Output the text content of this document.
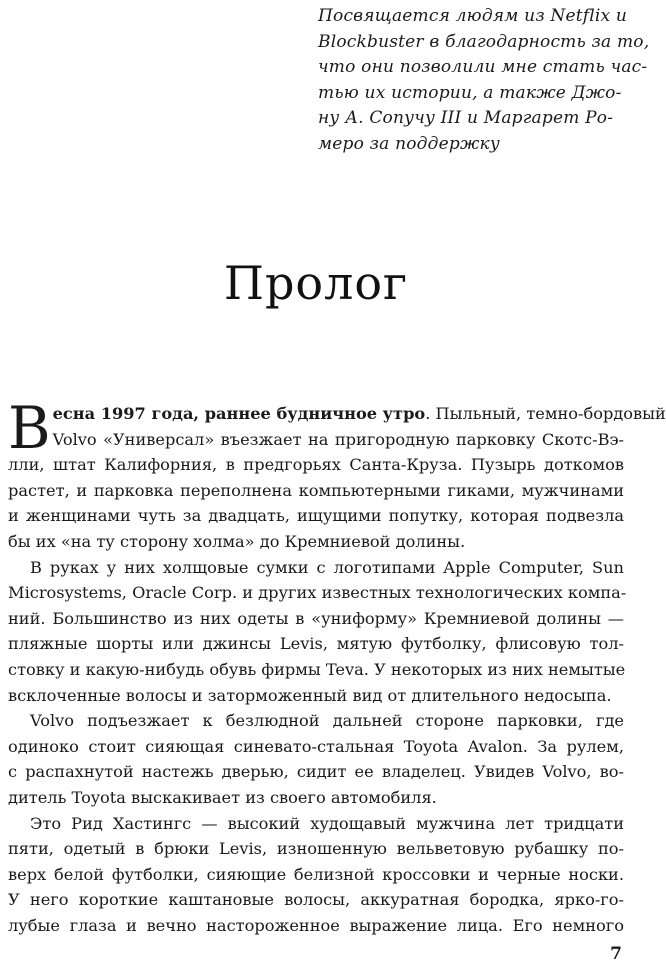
Посвящается людям из Netflix и
Blockbuster в благодарность за то,
что они позволили мне стать час-
тью их истории, а также Джо-
ну А. Сопучу III и Маргарет Ро-
меро за поддержку
Пролог
В есна 1997 года, раннее будничное утро. Пыльный, темно-бордовый
Volvo «Универсал» въезжает на пригородную парковку Скотс-Вэ-
лли, штат Калифорния, в предгорьях Санта-Круза. Пузырь доткомов
растет, и парковка переполнена компьютерными гиками, мужчинами
и женщинами чуть за двадцать, ищущими попутку, которая подвезла
бы их «на ту сторону холма» до Кремниевой долины.
В руках у них холщовые сумки с логотипами Apple Computer, Sun
Microsystems, Oracle Corp. и других известных технологических компа-
ний. Большинство из них одеты в «униформу» Кремниевой долины —
пляжные шорты или джинсы Levis, мятую футболку, флисовую тол-
стовку и какую-нибудь обувь фирмы Teva. У некоторых из них немытые
всклоченные волосы и заторможенный вид от длительного недосыпа.
Volvo подъезжает к безлюдной дальней стороне парковки, где
одиноко стоит сияющая синевато-стальная Toyota Avalon. За рулем,
с распахнутой настежь дверью, сидит ее владелец. Увидев Volvo, во-
дитель Toyota выскакивает из своего автомобиля.
Это Рид Хастингс — высокий худощавый мужчина лет тридцати
пяти, одетый в брюки Levis, изношенную вельветовую рубашку по-
верх белой футболки, сияющие белизной кроссовки и черные носки.
У него короткие каштановые волосы, аккуратная бородка, ярко-го-
лубые глаза и вечно настороженное выражение лица. Его немного
7
